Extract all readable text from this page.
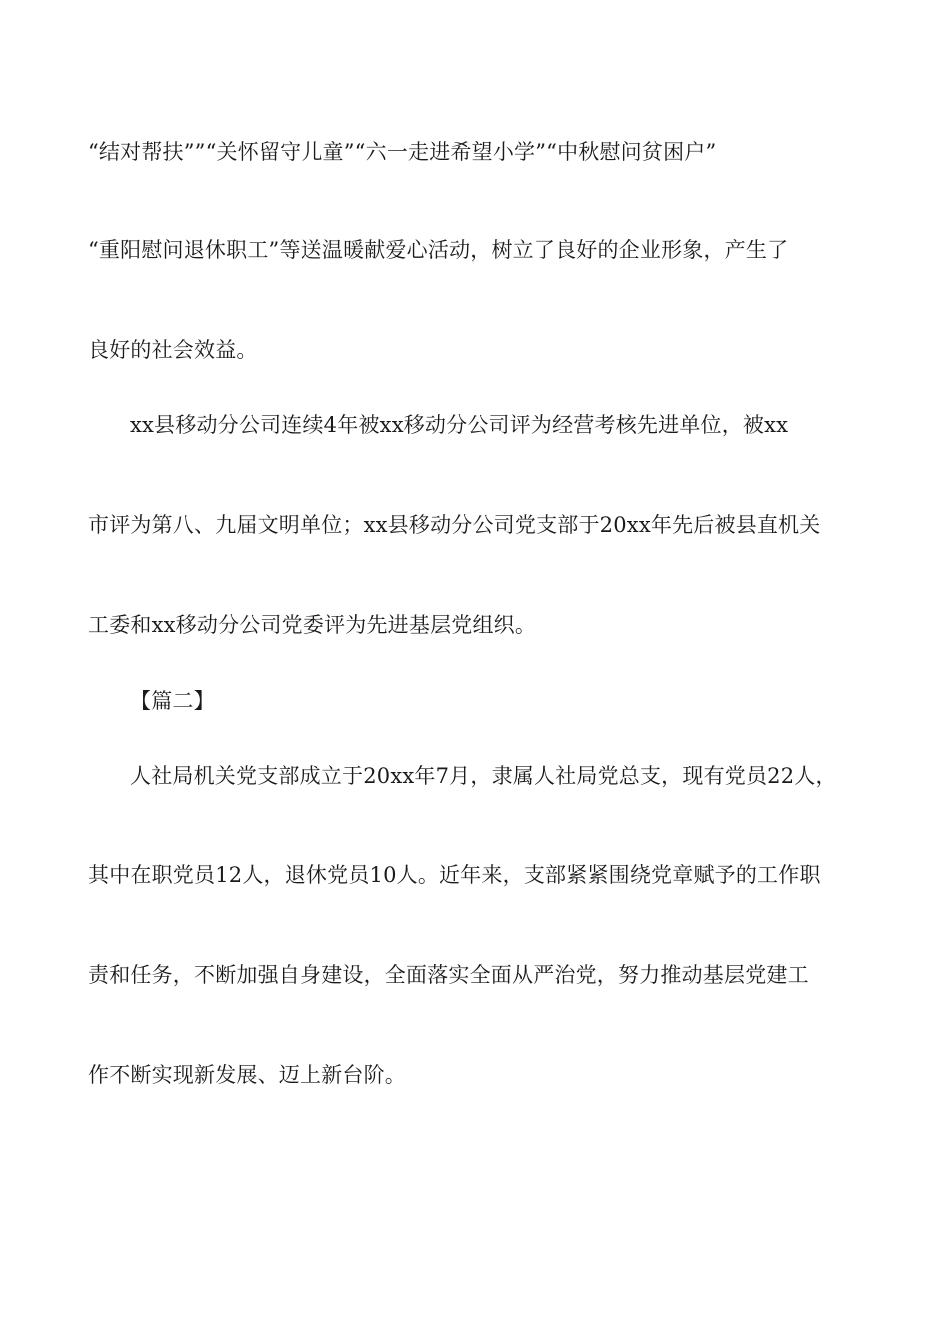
“结对帮扶””“关怀留守儿童”“六一走进希望小学”“中秋慰问贫困户”
“重阳慰问退休职工”等送温暖献爱心活动，树立了良好的企业形象，产生了
良好的社会效益。
xx县移动分公司连续4年被xx移动分公司评为经营考核先进单位，被xx
市评为第八、九届文明单位；xx县移动分公司党支部于20xx年先后被县直机关
工委和xx移动分公司党委评为先进基层党组织。
【篇二】
人社局机关党支部成立于20xx年7月，隶属人社局党总支，现有党员22人，
其中在职党员12人，退休党员10人。近年来，支部紧紧围绕党章赋予的工作职
责和任务，不断加强自身建设，全面落实全面从严治党，努力推动基层党建工
作不断实现新发展、迈上新台阶。
